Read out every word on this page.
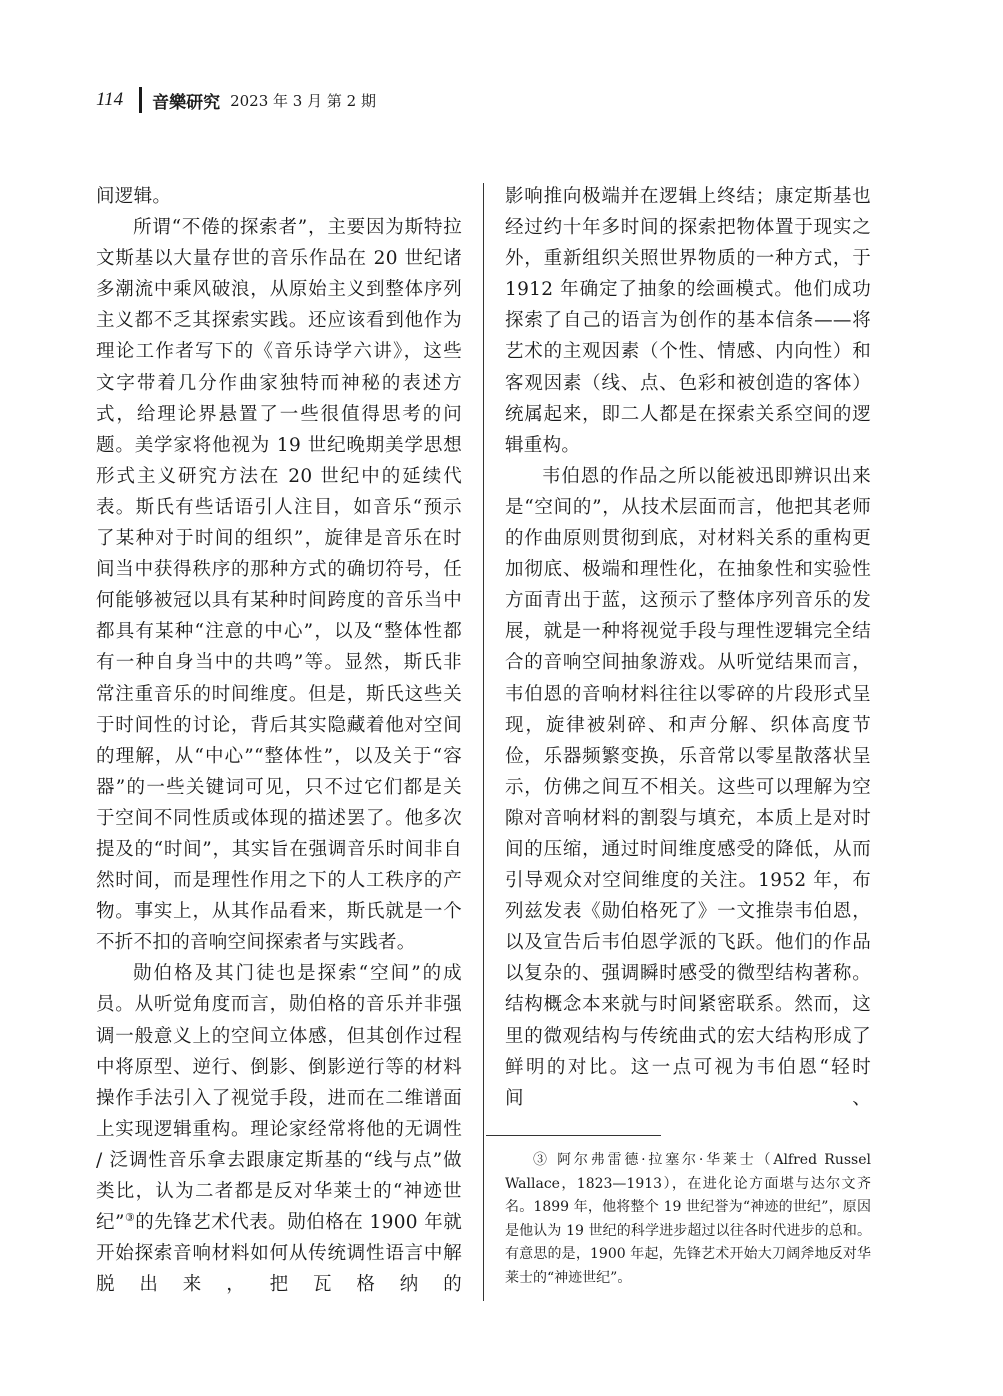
114 音樂研究 2023 年 3 月 第 2 期

间逻辑。

所谓“不倦的探索者”，主要因为斯特拉文斯基以大量存世的音乐作品在 20 世纪诸多潮流中乘风破浪，从原始主义到整体序列主义都不乏其探索实践。还应该看到他作为理论工作者写下的《音乐诗学六讲》，这些文字带着几分作曲家独特而神秘的表述方式，给理论界悬置了一些很值得思考的问题。美学家将他视为 19 世纪晚期美学思想形式主义研究方法在 20 世纪中的延续代表。斯氏有些话语引人注目，如音乐“预示了某种对于时间的组织”，旋律是音乐在时间当中获得秩序的那种方式的确切符号，任何能够被冠以具有某种时间跨度的音乐当中都具有某种“注意的中心”，以及“整体性都有一种自身当中的共鸣”等。显然，斯氏非常注重音乐的时间维度。但是，斯氏这些关于时间性的讨论，背后其实隐藏着他对空间的理解，从“中心”“整体性”，以及关于“容器”的一些关键词可见，只不过它们都是关于空间不同性质或体现的描述罢了。他多次提及的“时间”，其实旨在强调音乐时间非自然时间，而是理性作用之下的人工秩序的产物。事实上，从其作品看来，斯氏就是一个不折不扣的音响空间探索者与实践者。

勋伯格及其门徒也是探索“空间”的成员。从听觉角度而言，勋伯格的音乐并非强调一般意义上的空间立体感，但其创作过程中将原型、逆行、倒影、倒影逆行等的材料操作手法引入了视觉手段，进而在二维谱面上实现逻辑重构。理论家经常将他的无调性 / 泛调性音乐拿去跟康定斯基的“线与点”做类比，认为二者都是反对华莱士的“神迹世纪”③的先锋艺术代表。勋伯格在 1900 年就开始探索音响材料如何从传统调性语言中解脱出来，把瓦格纳的

影响推向极端并在逻辑上终结；康定斯基也经过约十年多时间的探索把物体置于现实之外，重新组织关照世界物质的一种方式，于 1912 年确定了抽象的绘画模式。他们成功探索了自己的语言为创作的基本信条——将艺术的主观因素（个性、情感、内向性）和客观因素（线、点、色彩和被创造的客体）统属起来，即二人都是在探索关系空间的逻辑重构。

韦伯恩的作品之所以能被迅即辨识出来是“空间的”，从技术层面而言，他把其老师的作曲原则贯彻到底，对材料关系的重构更加彻底、极端和理性化，在抽象性和实验性方面青出于蓝，这预示了整体序列音乐的发展，就是一种将视觉手段与理性逻辑完全结合的音响空间抽象游戏。从听觉结果而言，韦伯恩的音响材料往往以零碎的片段形式呈现，旋律被剁碎、和声分解、织体高度节俭，乐器频繁变换，乐音常以零星散落状呈示，仿佛之间互不相关。这些可以理解为空隙对音响材料的割裂与填充，本质上是对时间的压缩，通过时间维度感受的降低，从而引导观众对空间维度的关注。1952 年，布列兹发表《勋伯格死了》一文推崇韦伯恩，以及宣告后韦伯恩学派的飞跃。他们的作品以复杂的、强调瞬时感受的微型结构著称。结构概念本来就与时间紧密联系。然而，这里的微观结构与传统曲式的宏大结构形成了鲜明的对比。这一点可视为韦伯恩“轻时间、

③ 阿尔弗雷德·拉塞尔·华莱士（Alfred Russel Wallace，1823—1913），在进化论方面堪与达尔文齐名。1899 年，他将整个 19 世纪誉为“神迹的世纪”，原因是他认为 19 世纪的科学进步超过以往各时代进步的总和。有意思的是，1900 年起，先锋艺术开始大刀阔斧地反对华莱士的“神迹世纪”。
